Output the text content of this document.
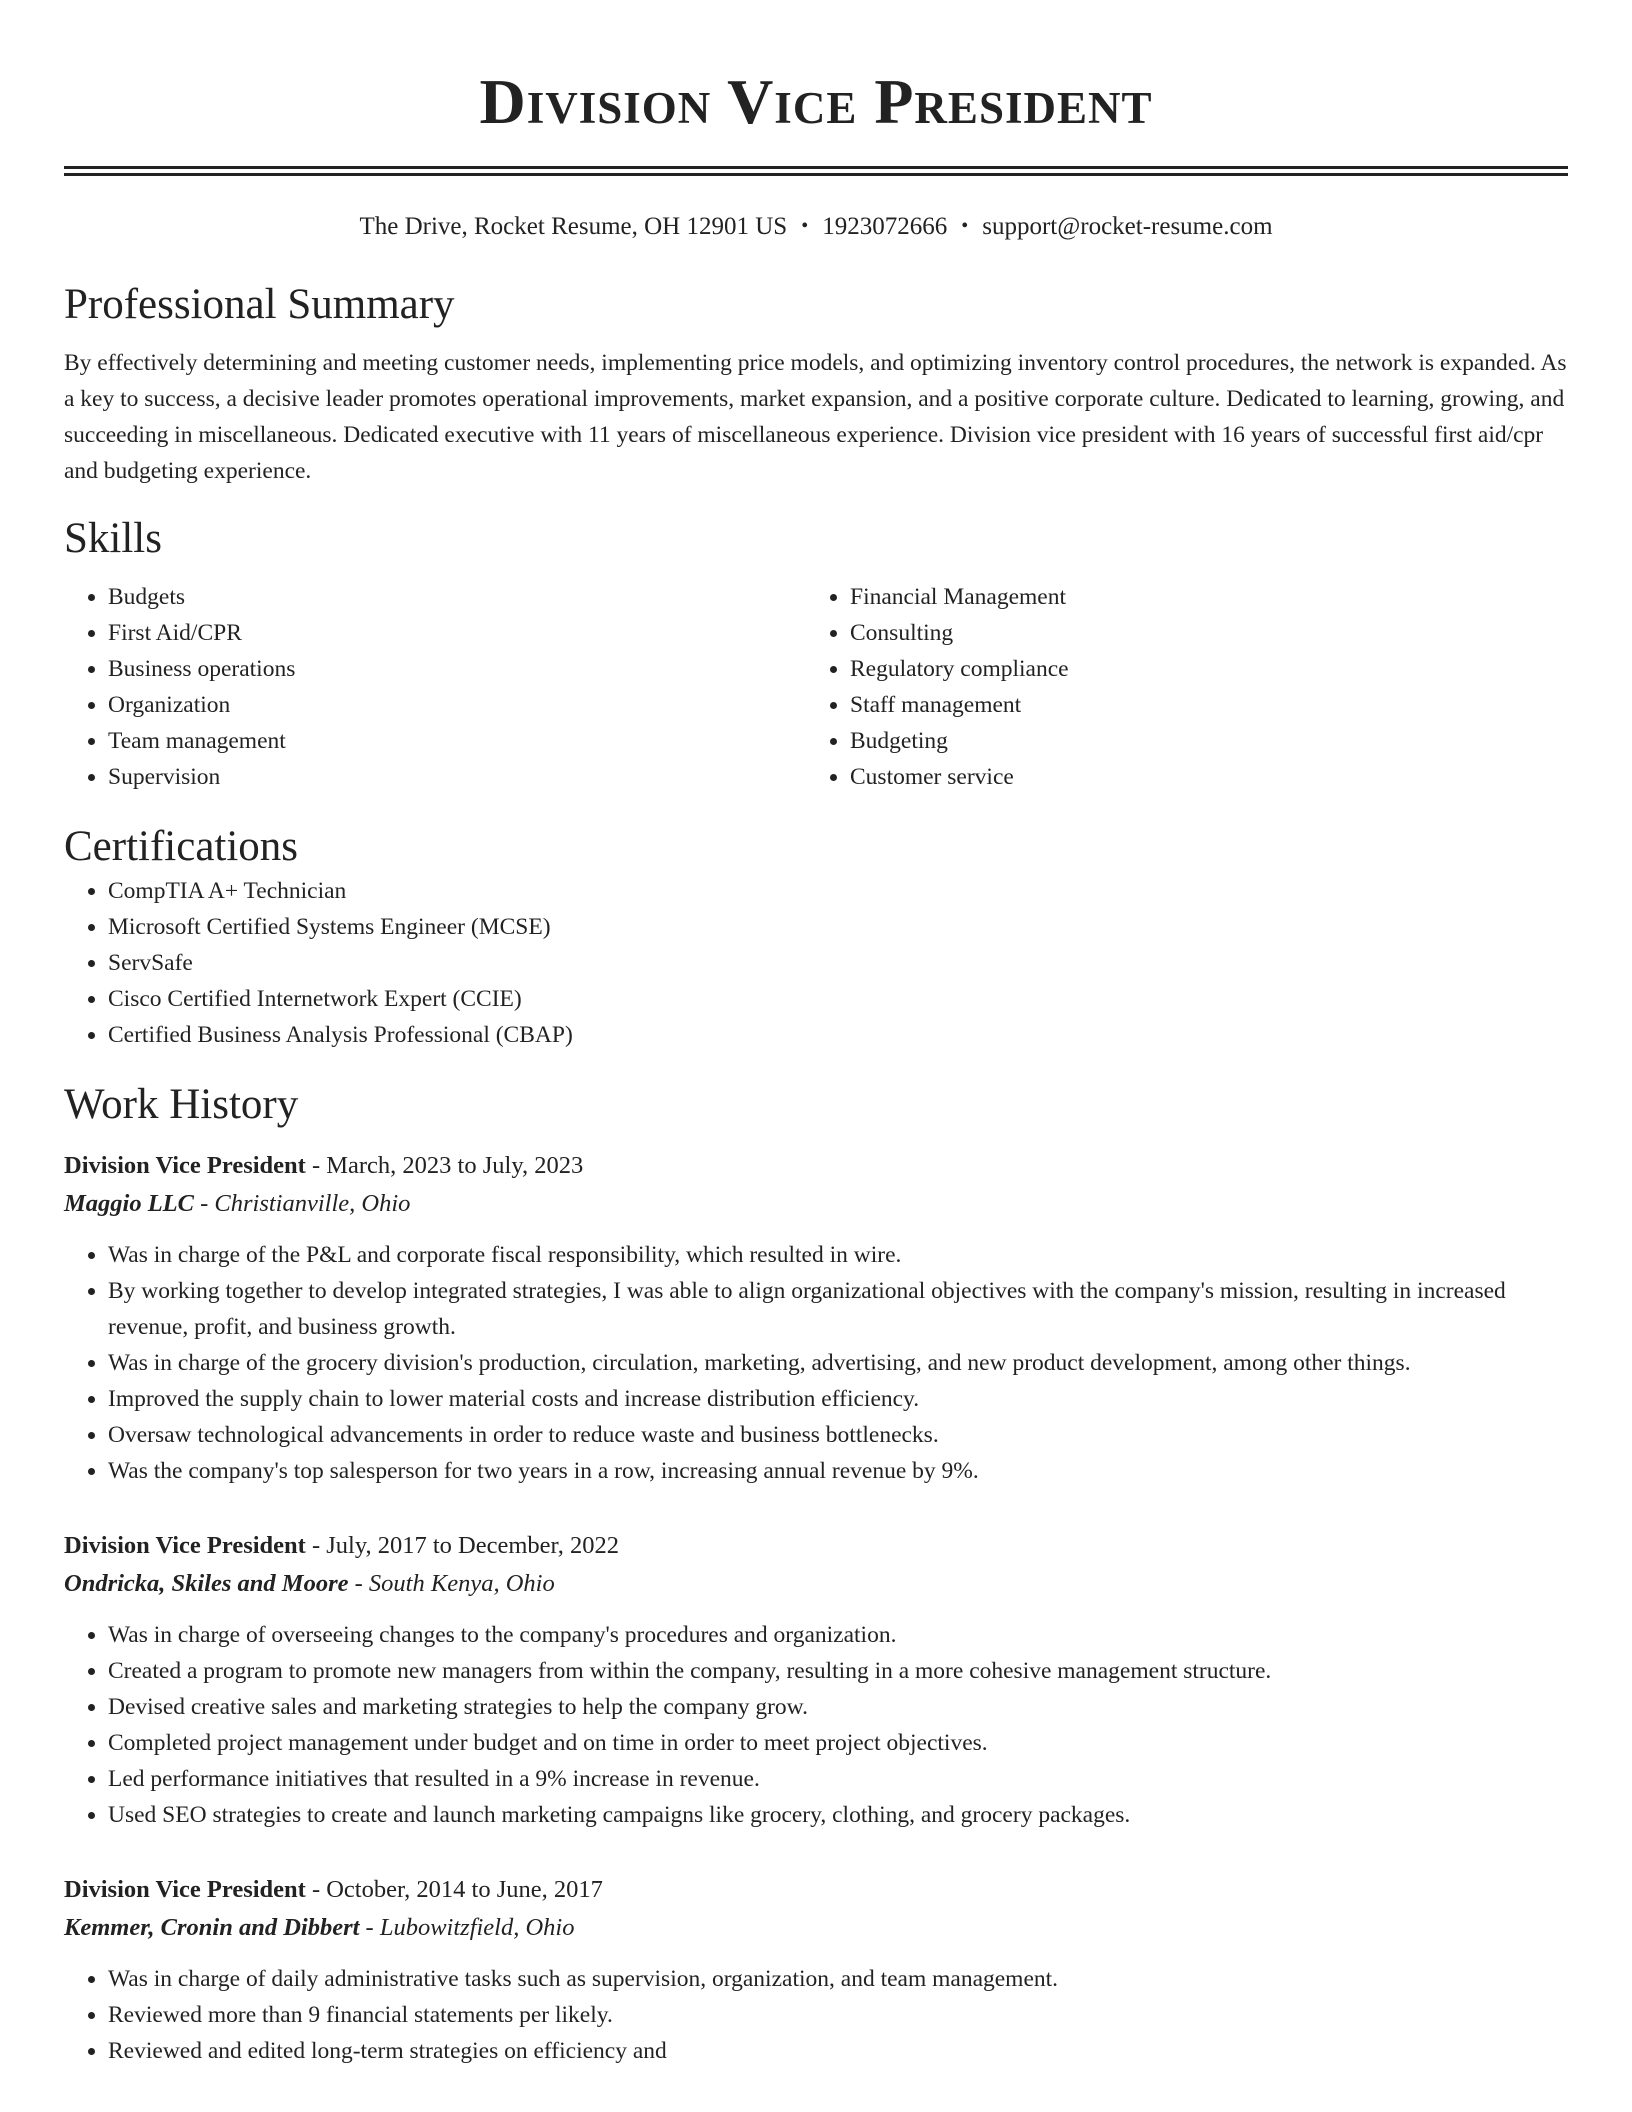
Division Vice President
The Drive, Rocket Resume, OH 12901 US • 1923072666 • support@rocket-resume.com
Professional Summary

By effectively determining and meeting customer needs, implementing price models, and optimizing inventory control procedures, the network is expanded. As a key to success, a decisive leader promotes operational improvements, market expansion, and a positive corporate culture. Dedicated to learning, growing, and succeeding in miscellaneous. Dedicated executive with 11 years of miscellaneous experience. Division vice president with 16 years of successful first aid/cpr and budgeting experience.

Skills
• Budgets
• First Aid/CPR
• Business operations
• Organization
• Team management
• Supervision
• Financial Management
• Consulting
• Regulatory compliance
• Staff management
• Budgeting
• Customer service
Certifications
• CompTIA A+ Technician
• Microsoft Certified Systems Engineer (MCSE)
• ServSafe
• Cisco Certified Internetwork Expert (CCIE)
• Certified Business Analysis Professional (CBAP)
Work History
Division Vice President - March, 2023 to July, 2023
Maggio LLC - Christianville, Ohio
• Was in charge of the P&L and corporate fiscal responsibility, which resulted in wire.
• By working together to develop integrated strategies, I was able to align organizational objectives with the company's mission, resulting in increased revenue, profit, and business growth.
• Was in charge of the grocery division's production, circulation, marketing, advertising, and new product development, among other things.
• Improved the supply chain to lower material costs and increase distribution efficiency.
• Oversaw technological advancements in order to reduce waste and business bottlenecks.
• Was the company's top salesperson for two years in a row, increasing annual revenue by 9%.
Division Vice President - July, 2017 to December, 2022
Ondricka, Skiles and Moore - South Kenya, Ohio
• Was in charge of overseeing changes to the company's procedures and organization.
• Created a program to promote new managers from within the company, resulting in a more cohesive management structure.
• Devised creative sales and marketing strategies to help the company grow.
• Completed project management under budget and on time in order to meet project objectives.
• Led performance initiatives that resulted in a 9% increase in revenue.
• Used SEO strategies to create and launch marketing campaigns like grocery, clothing, and grocery packages.
Division Vice President - October, 2014 to June, 2017
Kemmer, Cronin and Dibbert - Lubowitzfield, Ohio
• Was in charge of daily administrative tasks such as supervision, organization, and team management.
• Reviewed more than 9 financial statements per likely.
• Reviewed and edited long-term strategies on efficiency and
